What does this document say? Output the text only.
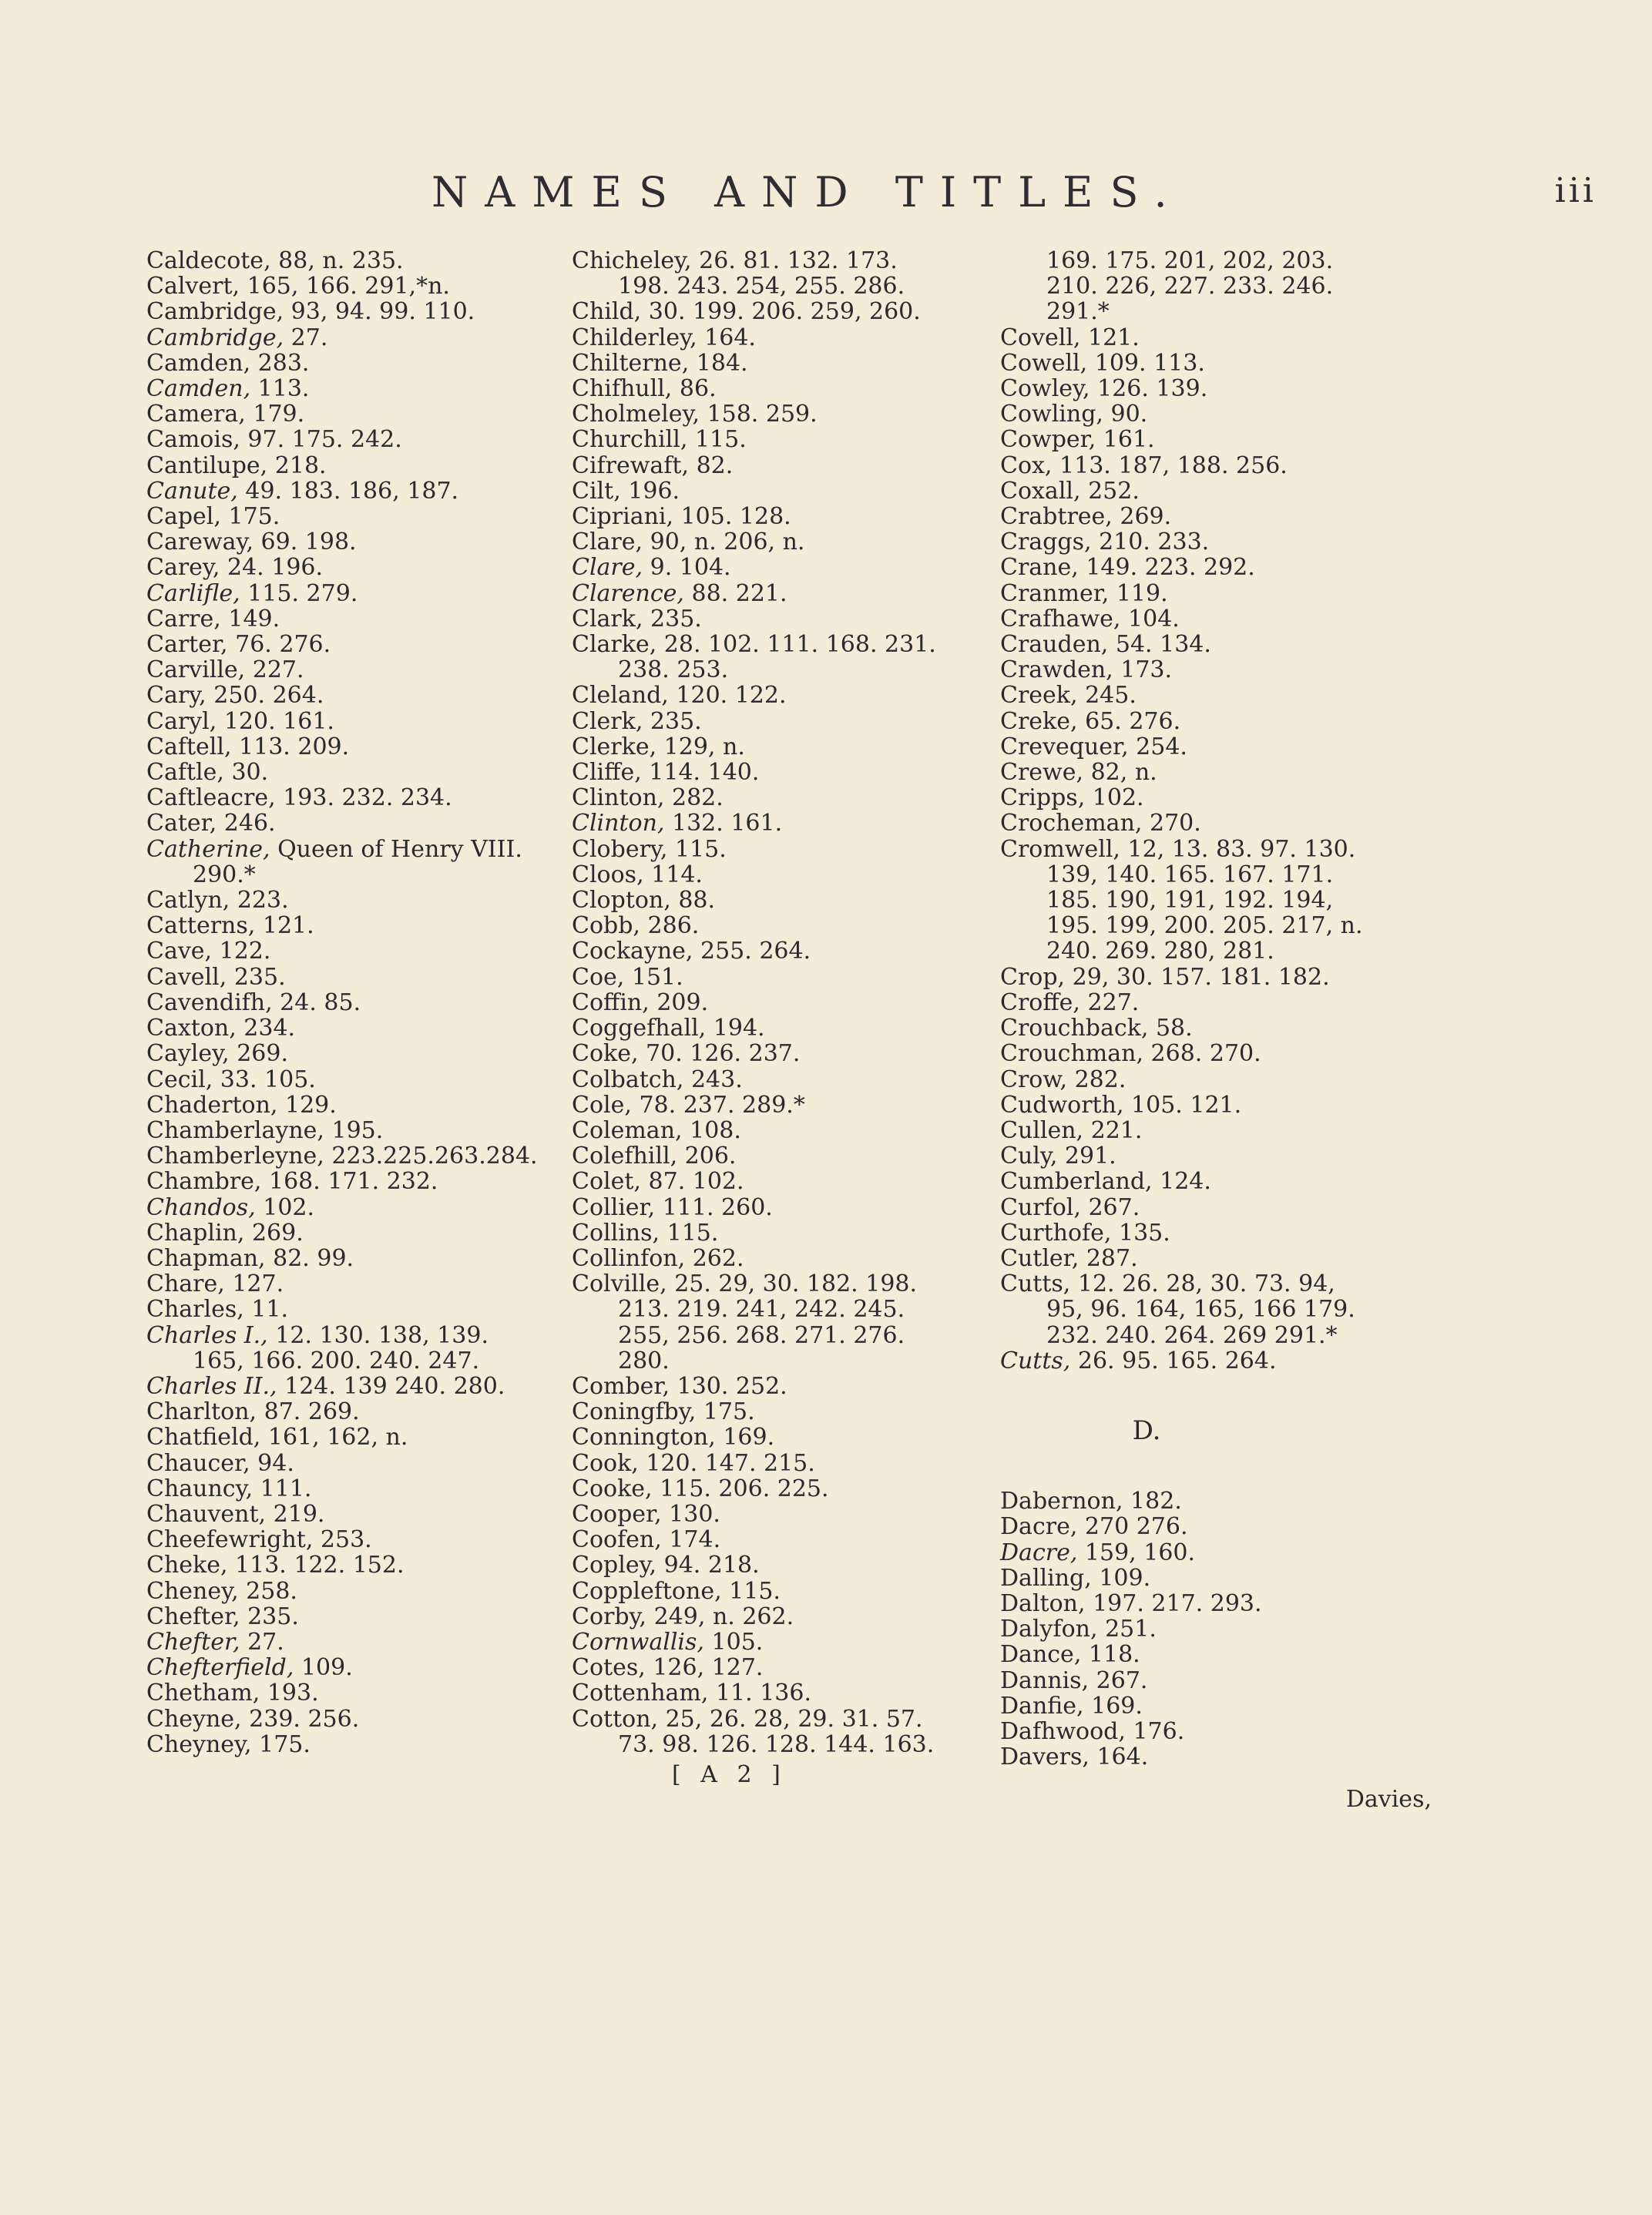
NAMES AND TITLES.	iii
Caldecote, 88, n. 235.
Calvert, 165, 166. 291,*n.
Cambridge, 93, 94. 99. 110.
Cambridge, 27.
Camden, 283.
Camden, 113.
Camera, 179.
Camois, 97. 175. 242.
Cantilupe, 218.
Canute, 49. 183. 186, 187.
Capel, 175.
Careway, 69. 198.
Carey, 24. 196.
Carlifle, 115. 279.
Carre, 149.
Carter, 76. 276.
Carville, 227.
Cary, 250. 264.
Caryl, 120. 161.
Caftell, 113. 209.
Caftle, 30.
Caftleacre, 193. 232. 234.
Cater, 246.
Catherine, Queen of Henry VIII.
290.*
Catlyn, 223.
Catterns, 121.
Cave, 122.
Cavell, 235.
Cavendifh, 24. 85.
Caxton, 234.
Cayley, 269.
Cecil, 33. 105.
Chaderton, 129.
Chamberlayne, 195.
Chamberleyne, 223.225.263.284.
Chambre, 168. 171. 232.
Chandos, 102.
Chaplin, 269.
Chapman, 82. 99.
Chare, 127.
Charles, 11.
Charles I., 12. 130. 138, 139.
165, 166. 200. 240. 247.
Charles II., 124. 139 240. 280.
Charlton, 87. 269.
Chatfield, 161, 162, n.
Chaucer, 94.
Chauncy, 111.
Chauvent, 219.
Cheefewright, 253.
Cheke, 113. 122. 152.
Cheney, 258.
Chefter, 235.
Chefter, 27.
Chefterfield, 109.
Chetham, 193.
Cheyne, 239. 256.
Cheyney, 175.
Chicheley, 26. 81. 132. 173.
198. 243. 254, 255. 286.
Child, 30. 199. 206. 259, 260.
Childerley, 164.
Chilterne, 184.
Chifhull, 86.
Cholmeley, 158. 259.
Churchill, 115.
Cifrewaft, 82.
Cilt, 196.
Cipriani, 105. 128.
Clare, 90, n. 206, n.
Clare, 9. 104.
Clarence, 88. 221.
Clark, 235.
Clarke, 28. 102. 111. 168. 231.
238. 253.
Cleland, 120. 122.
Clerk, 235.
Clerke, 129, n.
Cliffe, 114. 140.
Clinton, 282.
Clinton, 132. 161.
Clobery, 115.
Cloos, 114.
Clopton, 88.
Cobb, 286.
Cockayne, 255. 264.
Coe, 151.
Coffin, 209.
Coggefhall, 194.
Coke, 70. 126. 237.
Colbatch, 243.
Cole, 78. 237. 289.*
Coleman, 108.
Colefhill, 206.
Colet, 87. 102.
Collier, 111. 260.
Collins, 115.
Collinfon, 262.
Colville, 25. 29, 30. 182. 198.
213. 219. 241, 242. 245.
255, 256. 268. 271. 276.
280.
Comber, 130. 252.
Coningfby, 175.
Connington, 169.
Cook, 120. 147. 215.
Cooke, 115. 206. 225.
Cooper, 130.
Coofen, 174.
Copley, 94. 218.
Coppleftone, 115.
Corby, 249, n. 262.
Cornwallis, 105.
Cotes, 126, 127.
Cottenham, 11. 136.
Cotton, 25, 26. 28, 29. 31. 57.
73. 98. 126. 128. 144. 163.
[ A 2 ]
169. 175. 201, 202, 203.
210. 226, 227. 233. 246.
291.*
Covell, 121.
Cowell, 109. 113.
Cowley, 126. 139.
Cowling, 90.
Cowper, 161.
Cox, 113. 187, 188. 256.
Coxall, 252.
Crabtree, 269.
Craggs, 210. 233.
Crane, 149. 223. 292.
Cranmer, 119.
Crafhawe, 104.
Crauden, 54. 134.
Crawden, 173.
Creek, 245.
Creke, 65. 276.
Crevequer, 254.
Crewe, 82, n.
Cripps, 102.
Crocheman, 270.
Cromwell, 12, 13. 83. 97. 130.
139, 140. 165. 167. 171.
185. 190, 191, 192. 194,
195. 199, 200. 205. 217, n.
240. 269. 280, 281.
Crop, 29, 30. 157. 181. 182.
Croffe, 227.
Crouchback, 58.
Crouchman, 268. 270.
Crow, 282.
Cudworth, 105. 121.
Cullen, 221.
Culy, 291.
Cumberland, 124.
Curfol, 267.
Curthofe, 135.
Cutler, 287.
Cutts, 12. 26. 28, 30. 73. 94,
95, 96. 164, 165, 166 179.
232. 240. 264. 269 291.*
Cutts, 26. 95. 165. 264.
D.
Dabernon, 182.
Dacre, 270 276.
Dacre, 159, 160.
Dalling, 109.
Dalton, 197. 217. 293.
Dalyfon, 251.
Dance, 118.
Dannis, 267.
Danfie, 169.
Dafhwood, 176.
Davers, 164.
Davies,
